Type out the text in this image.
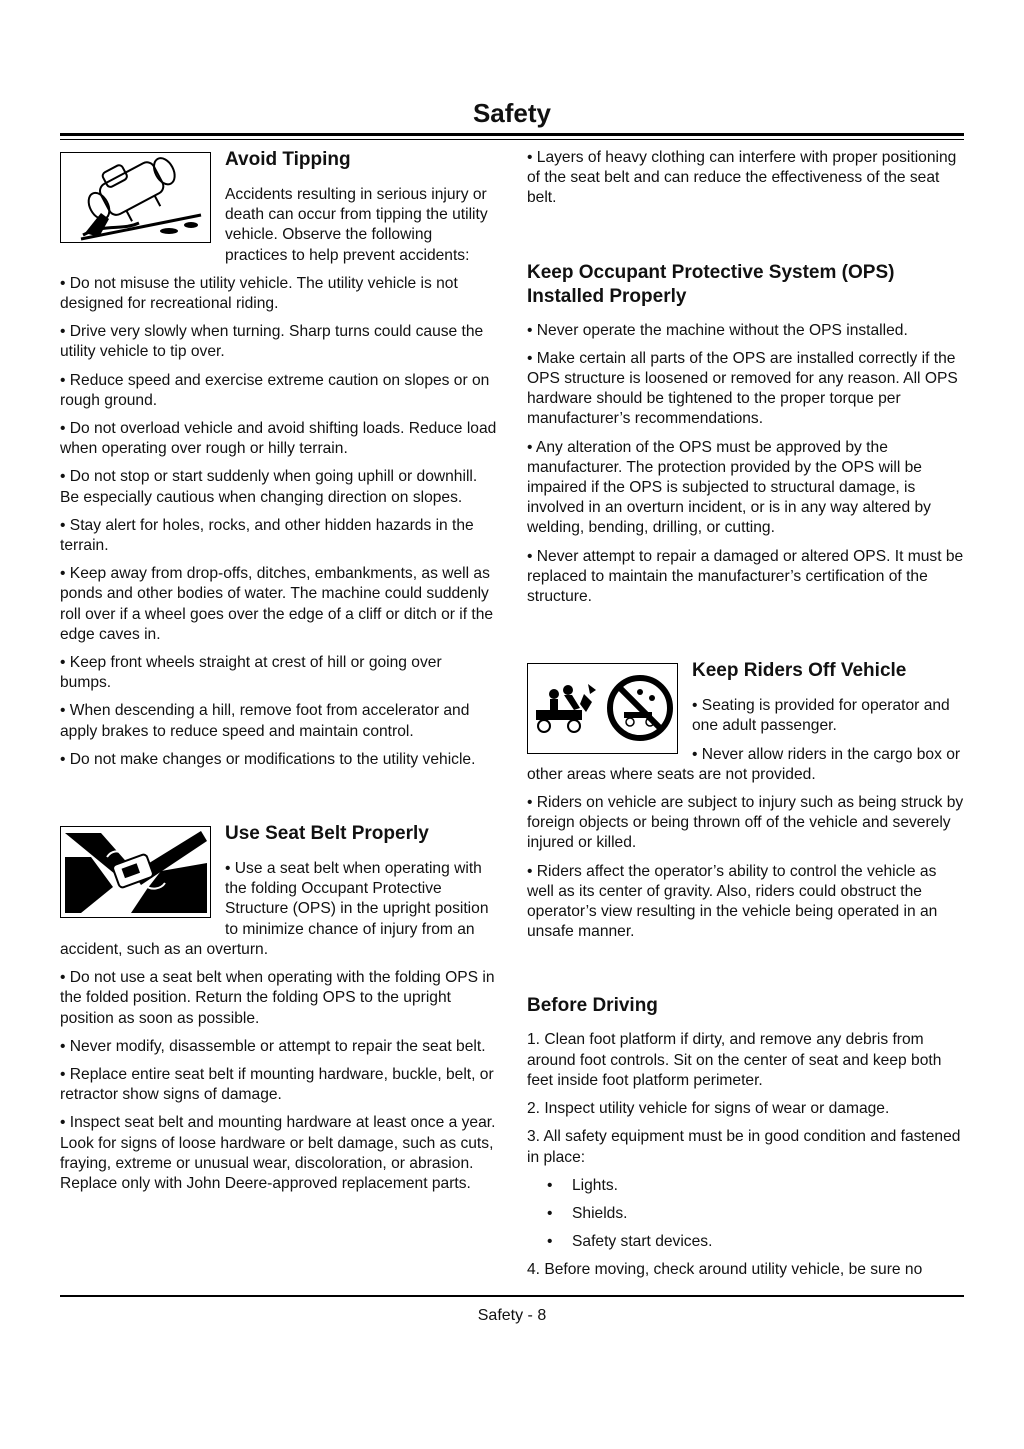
Safety
Avoid Tipping

Accidents resulting in serious injury or death can occur from tipping the utility vehicle. Observe the following practices to help prevent accidents:

• Do not misuse the utility vehicle. The utility vehicle is not designed for recreational riding.

• Drive very slowly when turning. Sharp turns could cause the utility vehicle to tip over.

• Reduce speed and exercise extreme caution on slopes or on rough ground.

• Do not overload vehicle and avoid shifting loads. Reduce load when operating over rough or hilly terrain.

• Do not stop or start suddenly when going uphill or downhill. Be especially cautious when changing direction on slopes.

• Stay alert for holes, rocks, and other hidden hazards in the terrain.

• Keep away from drop-offs, ditches, embankments, as well as ponds and other bodies of water. The machine could suddenly roll over if a wheel goes over the edge of a cliff or ditch or if the edge caves in.

• Keep front wheels straight at crest of hill or going over bumps.

• When descending a hill, remove foot from accelerator and apply brakes to reduce speed and maintain control.

• Do not make changes or modifications to the utility vehicle.

Use Seat Belt Properly

• Use a seat belt when operating with the folding Occupant Protective Structure (OPS) in the upright position to minimize chance of injury from an accident, such as an overturn.

• Do not use a seat belt when operating with the folding OPS in the folded position. Return the folding OPS to the upright position as soon as possible.

• Never modify, disassemble or attempt to repair the seat belt.

• Replace entire seat belt if mounting hardware, buckle, belt, or retractor show signs of damage.

• Inspect seat belt and mounting hardware at least once a year. Look for signs of loose hardware or belt damage, such as cuts, fraying, extreme or unusual wear, discoloration, or abrasion. Replace only with John Deere-approved replacement parts.

• Layers of heavy clothing can interfere with proper positioning of the seat belt and can reduce the effectiveness of the seat belt.

Keep Occupant Protective System (OPS) Installed Properly

• Never operate the machine without the OPS installed.

• Make certain all parts of the OPS are installed correctly if the OPS structure is loosened or removed for any reason. All OPS hardware should be tightened to the proper torque per manufacturer’s recommendations.

• Any alteration of the OPS must be approved by the manufacturer. The protection provided by the OPS will be impaired if the OPS is subjected to structural damage, is involved in an overturn incident, or is in any way altered by welding, bending, drilling, or cutting.

• Never attempt to repair a damaged or altered OPS. It must be replaced to maintain the manufacturer’s certification of the structure.

Keep Riders Off Vehicle

• Seating is provided for operator and one adult passenger.

• Never allow riders in the cargo box or other areas where seats are not provided.

• Riders on vehicle are subject to injury such as being struck by foreign objects or being thrown off of the vehicle and severely injured or killed.

• Riders affect the operator’s ability to control the vehicle as well as its center of gravity. Also, riders could obstruct the operator’s view resulting in the vehicle being operated in an unsafe manner.

Before Driving

1. Clean foot platform if dirty, and remove any debris from around foot controls. Sit on the center of seat and keep both feet inside foot platform perimeter.

2. Inspect utility vehicle for signs of wear or damage.

3. All safety equipment must be in good condition and fastened in place:

• Lights.
• Shields.
• Safety start devices.

4. Before moving, check around utility vehicle, be sure no

Safety - 8
